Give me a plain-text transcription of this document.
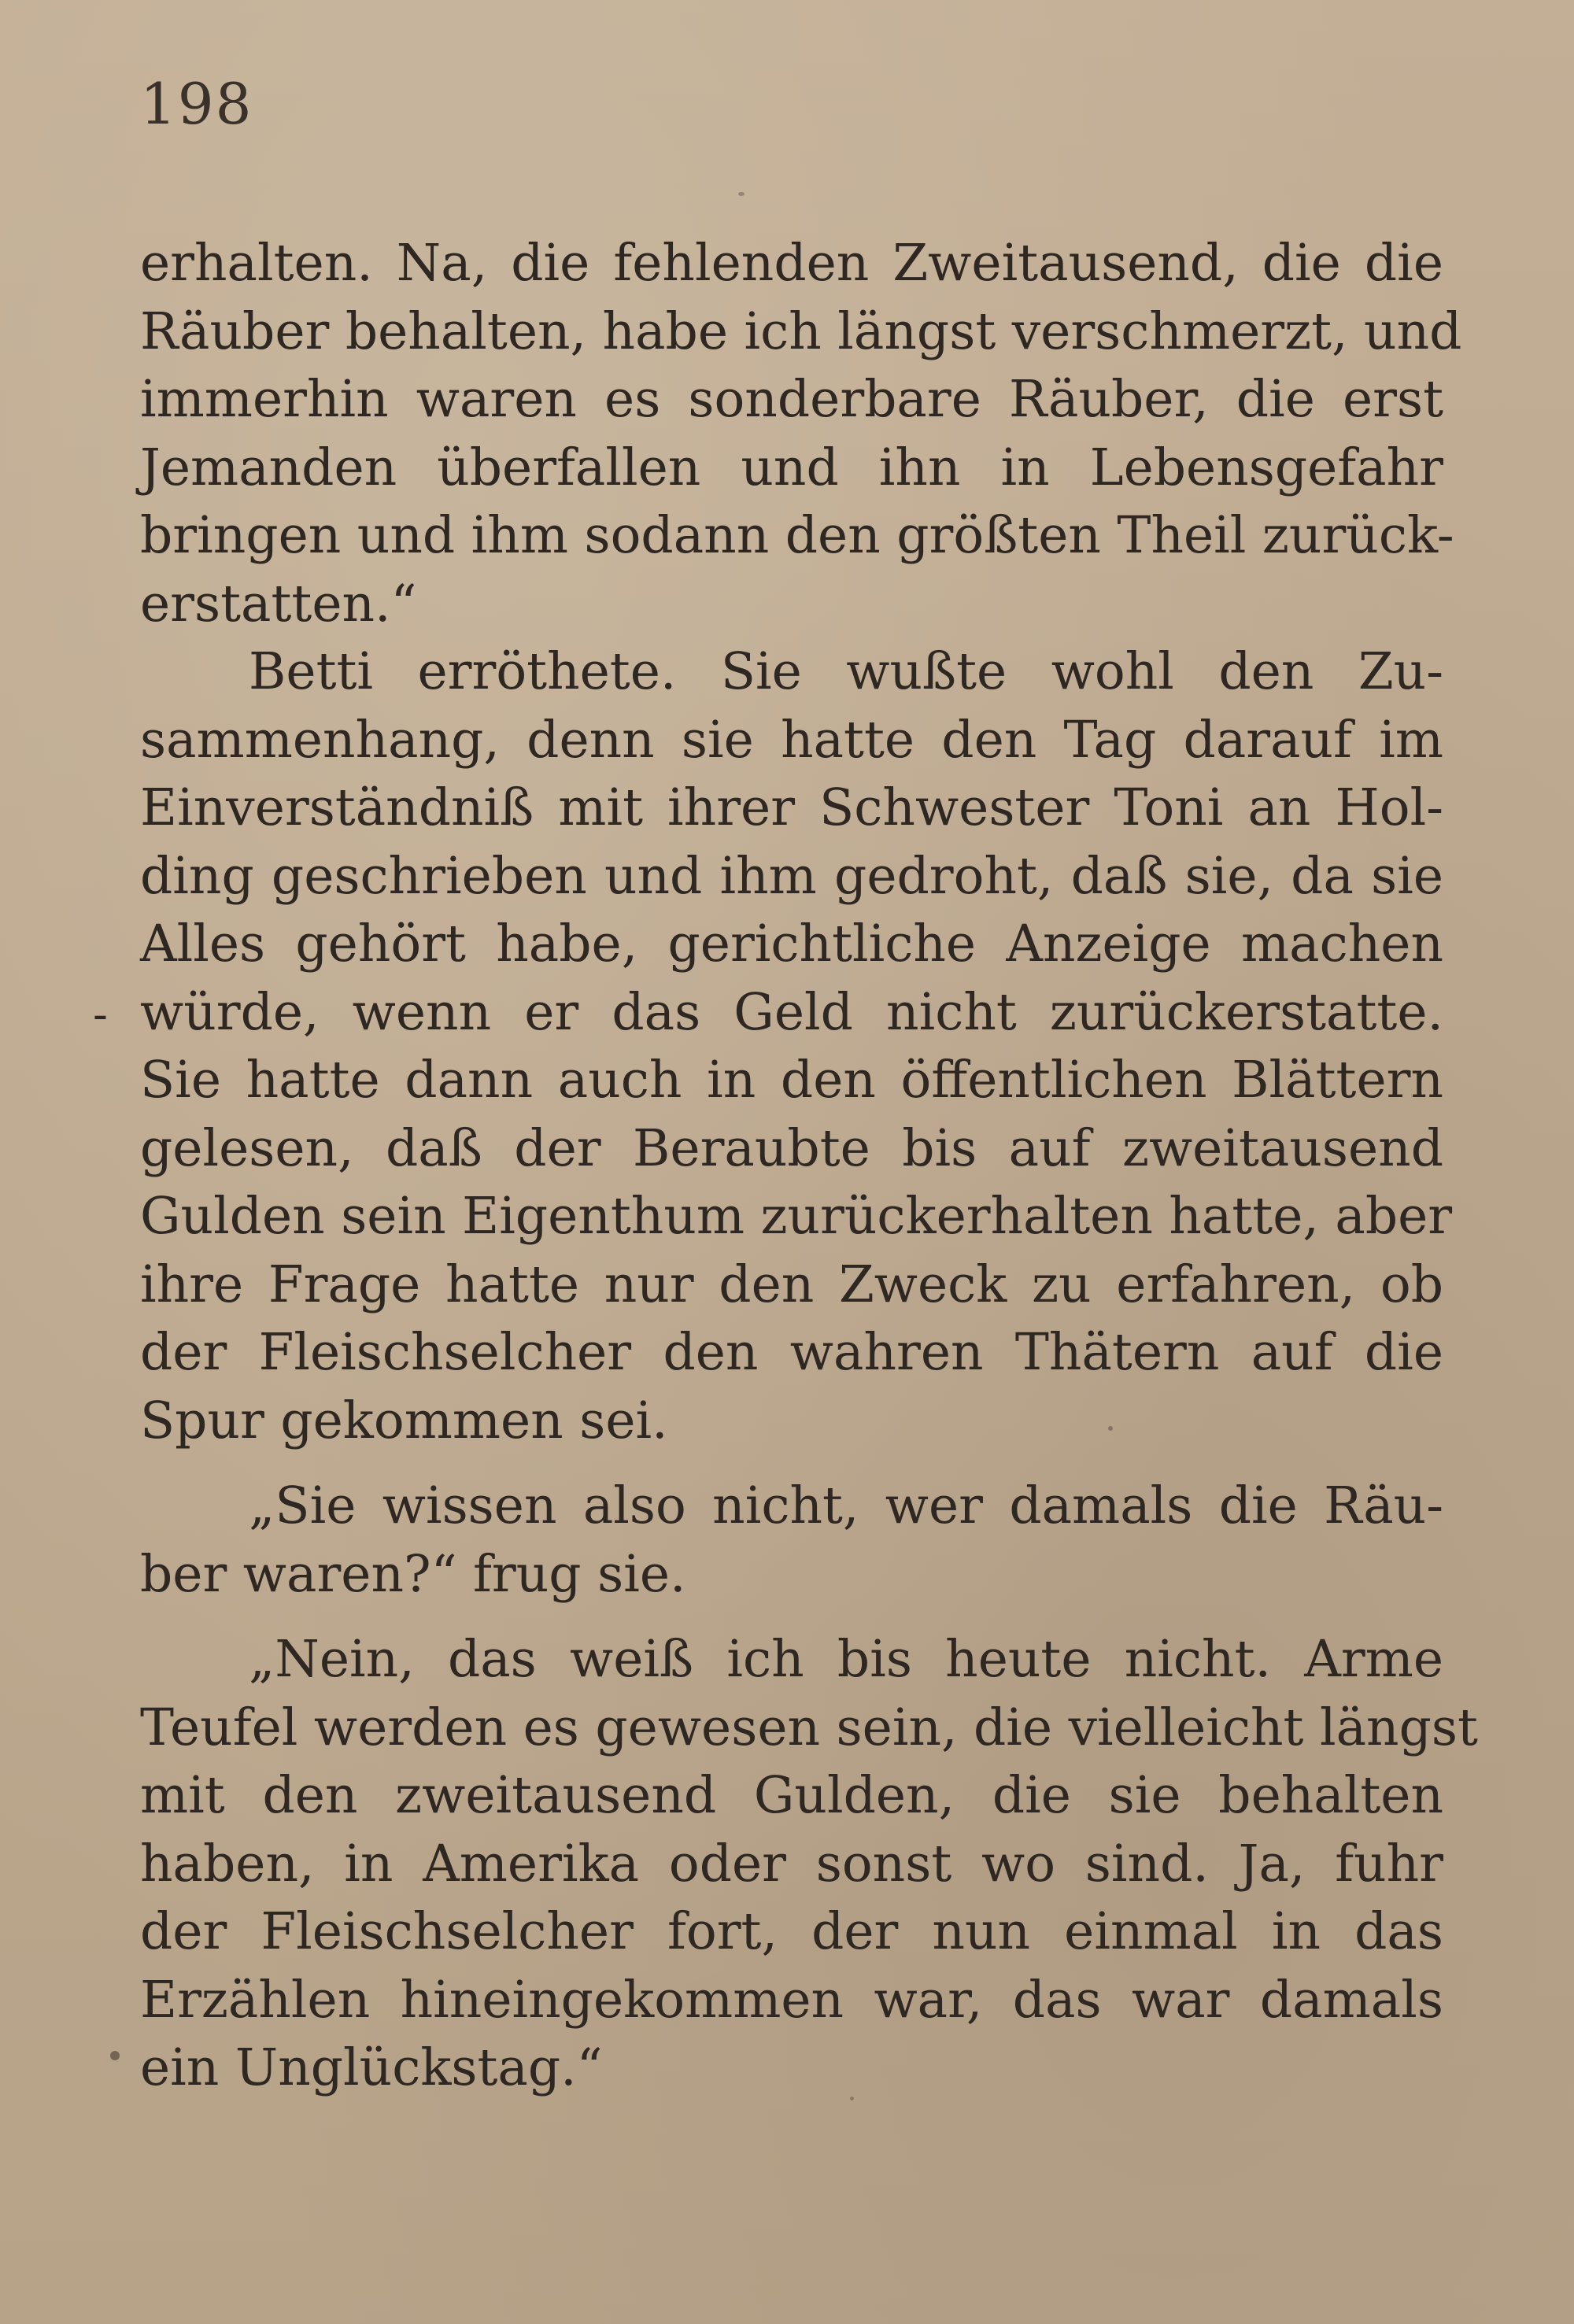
198
erhalten. Na, die fehlenden Zweitausend, die die
Räuber behalten, habe ich längst verschmerzt, und
immerhin waren es sonderbare Räuber, die erst
Jemanden überfallen und ihn in Lebensgefahr
bringen und ihm sodann den größten Theil zurück-
erstatten.“
Betti erröthete. Sie wußte wohl den Zu-
sammenhang, denn sie hatte den Tag darauf im
Einverständniß mit ihrer Schwester Toni an Hol-
ding geschrieben und ihm gedroht, daß sie, da sie
Alles gehört habe, gerichtliche Anzeige machen
würde, wenn er das Geld nicht zurückerstatte.
Sie hatte dann auch in den öffentlichen Blättern
gelesen, daß der Beraubte bis auf zweitausend
Gulden sein Eigenthum zurückerhalten hatte, aber
ihre Frage hatte nur den Zweck zu erfahren, ob
der Fleischselcher den wahren Thätern auf die
Spur gekommen sei.
„Sie wissen also nicht, wer damals die Räu-
ber waren?“ frug sie.
„Nein, das weiß ich bis heute nicht. Arme
Teufel werden es gewesen sein, die vielleicht längst
mit den zweitausend Gulden, die sie behalten
haben, in Amerika oder sonst wo sind. Ja, fuhr
der Fleischselcher fort, der nun einmal in das
Erzählen hineingekommen war, das war damals
ein Unglückstag.“
-
